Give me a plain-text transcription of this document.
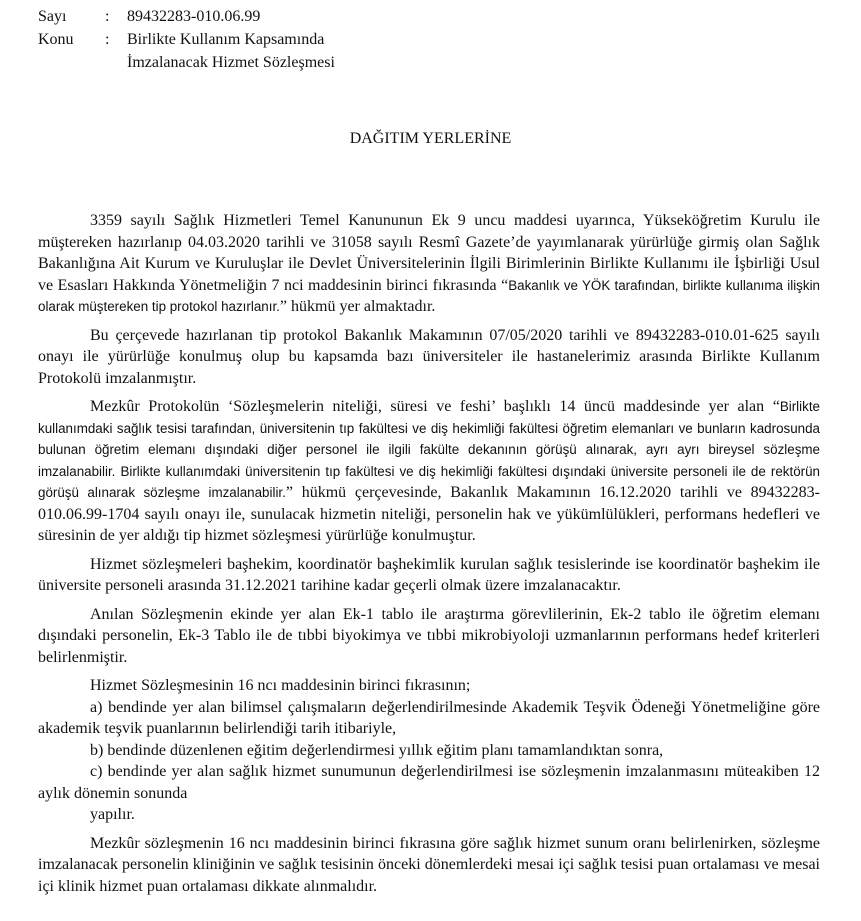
Sayı	:	89432283-010.06.99
Konu	:	Birlikte Kullanım Kapsamında
İmzalanacak Hizmet Sözleşmesi
DAĞITIM YERLERİNE

3359 sayılı Sağlık Hizmetleri Temel Kanununun Ek 9 uncu maddesi uyarınca, Yükseköğretim Kurulu ile müştereken hazırlanıp 04.03.2020 tarihli ve 31058 sayılı Resmî Gazete’de yayımlanarak yürürlüğe girmiş olan Sağlık Bakanlığına Ait Kurum ve Kuruluşlar ile Devlet Üniversitelerinin İlgili Birimlerinin Birlikte Kullanımı ile İşbirliği Usul ve Esasları Hakkında Yönetmeliğin 7 nci maddesinin birinci fıkrasında “Bakanlık ve YÖK tarafından, birlikte kullanıma ilişkin olarak müştereken tip protokol hazırlanır.” hükmü yer almaktadır.

Bu çerçevede hazırlanan tip protokol Bakanlık Makamının 07/05/2020 tarihli ve 89432283-010.01-625 sayılı onayı ile yürürlüğe konulmuş olup bu kapsamda bazı üniversiteler ile hastanelerimiz arasında Birlikte Kullanım Protokolü imzalanmıştır.

Mezkûr Protokolün ‘Sözleşmelerin niteliği, süresi ve feshi’ başlıklı 14 üncü maddesinde yer alan “Birlikte kullanımdaki sağlık tesisi tarafından, üniversitenin tıp fakültesi ve diş hekimliği fakültesi öğretim elemanları ve bunların kadrosunda bulunan öğretim elemanı dışındaki diğer personel ile ilgili fakülte dekanının görüşü alınarak, ayrı ayrı bireysel sözleşme imzalanabilir. Birlikte kullanımdaki üniversitenin tıp fakültesi ve diş hekimliği fakültesi dışındaki üniversite personeli ile de rektörün görüşü alınarak sözleşme imzalanabilir.” hükmü çerçevesinde, Bakanlık Makamının 16.12.2020 tarihli ve 89432283-010.06.99-1704 sayılı onayı ile, sunulacak hizmetin niteliği, personelin hak ve yükümlülükleri, performans hedefleri ve süresinin de yer aldığı tip hizmet sözleşmesi yürürlüğe konulmuştur.

Hizmet sözleşmeleri başhekim, koordinatör başhekimlik kurulan sağlık tesislerinde ise koordinatör başhekim ile üniversite personeli arasında 31.12.2021 tarihine kadar geçerli olmak üzere imzalanacaktır.

Anılan Sözleşmenin ekinde yer alan Ek-1 tablo ile araştırma görevlilerinin, Ek-2 tablo ile öğretim elemanı dışındaki personelin, Ek-3 Tablo ile de tıbbi biyokimya ve tıbbi mikrobiyoloji uzmanlarının performans hedef kriterleri belirlenmiştir.

Hizmet Sözleşmesinin 16 ncı maddesinin birinci fıkrasının;

a) bendinde yer alan bilimsel çalışmaların değerlendirilmesinde Akademik Teşvik Ödeneği Yönetmeliğine göre akademik teşvik puanlarının belirlendiği tarih itibariyle,

b) bendinde düzenlenen eğitim değerlendirmesi yıllık eğitim planı tamamlandıktan sonra,

c) bendinde yer alan sağlık hizmet sunumunun değerlendirilmesi ise sözleşmenin imzalanmasını müteakiben 12 aylık dönemin sonunda

yapılır.

Mezkûr sözleşmenin 16 ncı maddesinin birinci fıkrasına göre sağlık hizmet sunum oranı belirlenirken, sözleşme imzalanacak personelin kliniğinin ve sağlık tesisinin önceki dönemlerdeki mesai içi sağlık tesisi puan ortalaması ve mesai içi klinik hizmet puan ortalaması dikkate alınmalıdır.
